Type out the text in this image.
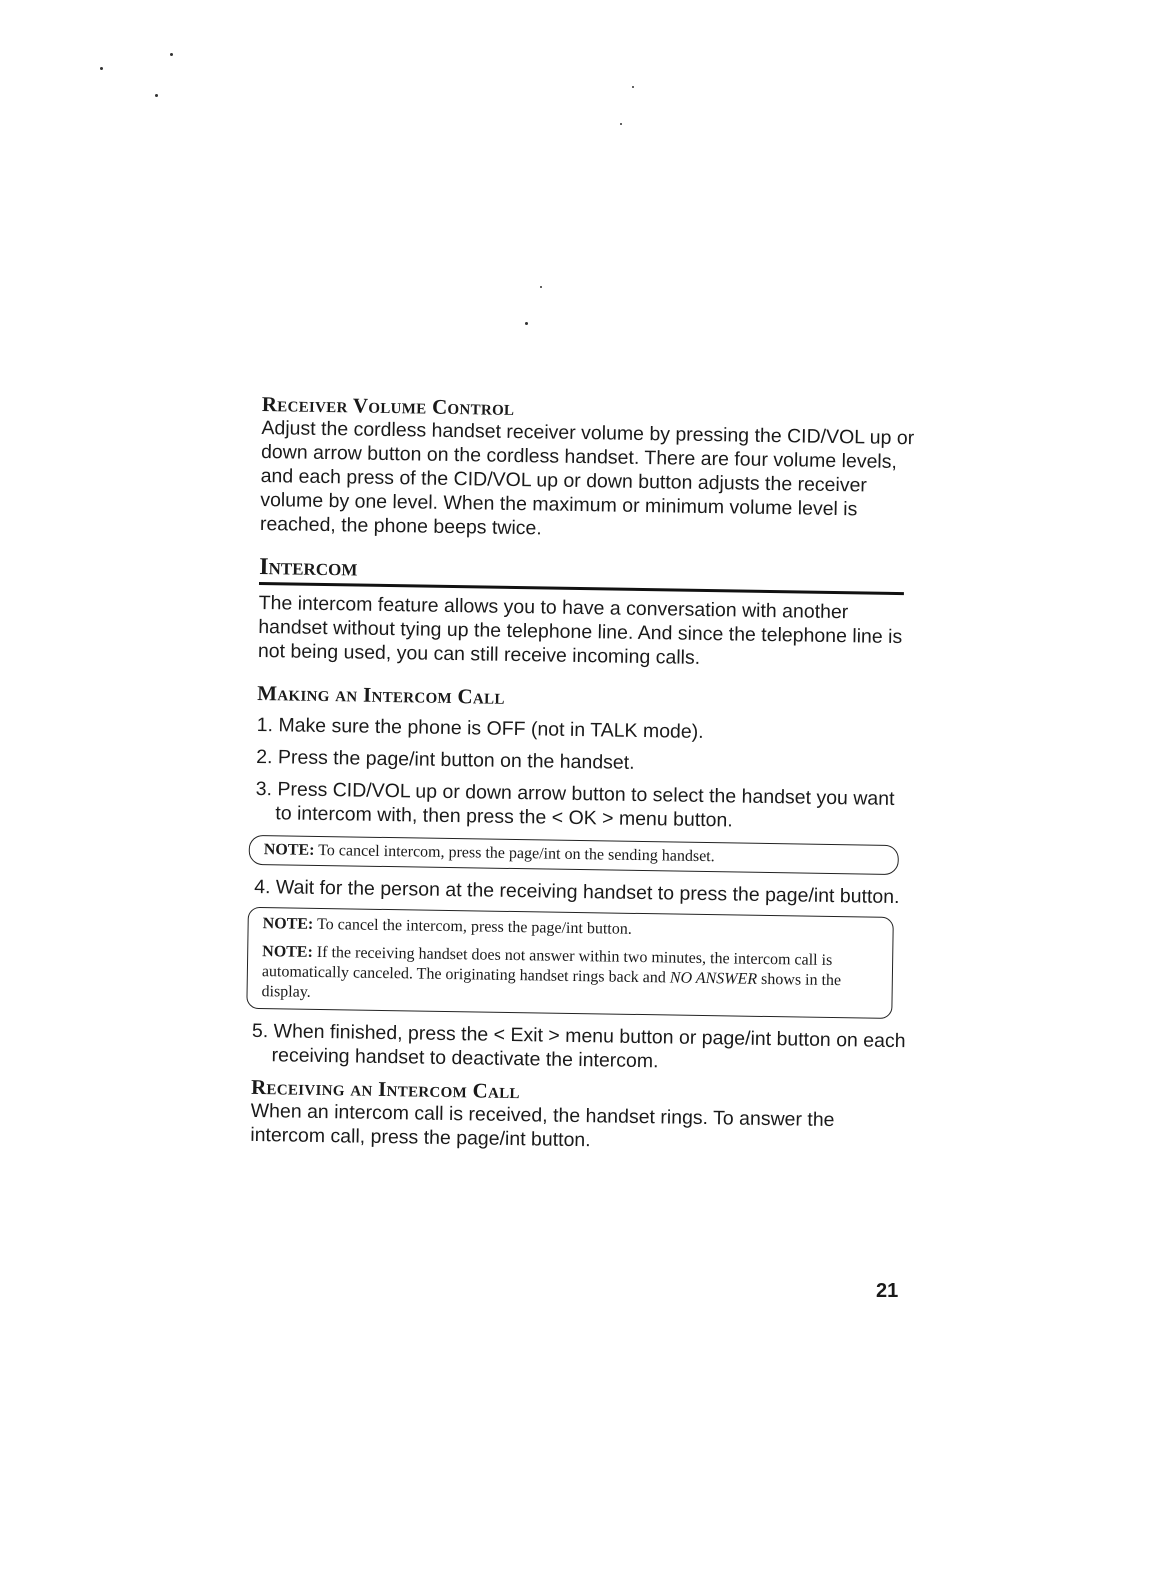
Receiver Volume Control

Adjust the cordless handset receiver volume by pressing the CID/VOL up or down arrow button on the cordless handset. There are four volume levels, and each press of the CID/VOL up or down button adjusts the receiver volume by one level. When the maximum or minimum volume level is reached, the phone beeps twice.

Intercom

The intercom feature allows you to have a conversation with another handset without tying up the telephone line. And since the telephone line is not being used, you can still receive incoming calls.

Making an Intercom Call

1. Make sure the phone is OFF (not in TALK mode).

2. Press the page/int button on the handset.

3. Press CID/VOL up or down arrow button to select the handset you want to intercom with, then press the < OK > menu button.

NOTE: To cancel intercom, press the page/int on the sending handset.

4. Wait for the person at the receiving handset to press the page/int button.

NOTE: To cancel the intercom, press the page/int button.

NOTE: If the receiving handset does not answer within two minutes, the intercom call is automatically canceled. The originating handset rings back and NO ANSWER shows in the display.

5. When finished, press the < Exit > menu button or page/int button on each receiving handset to deactivate the intercom.

Receiving an Intercom Call

When an intercom call is received, the handset rings. To answer the intercom call, press the page/int button.

21
